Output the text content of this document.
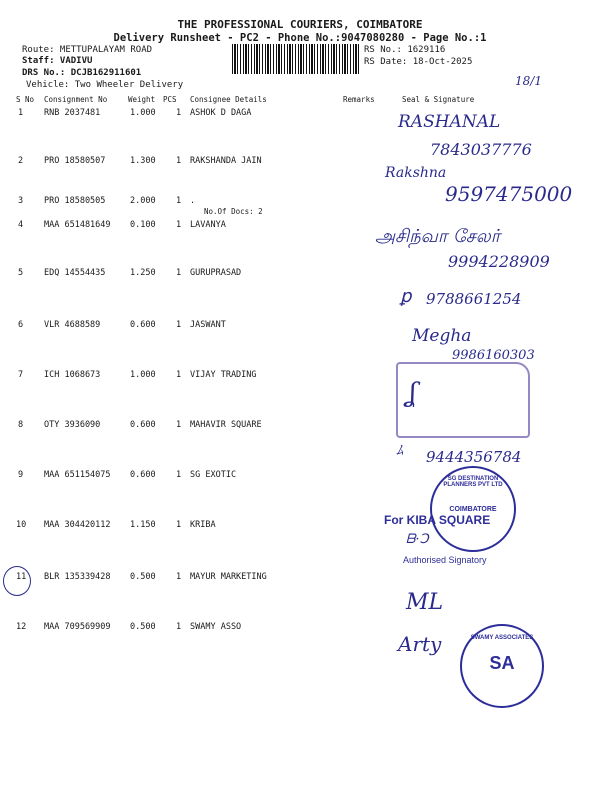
THE PROFESSIONAL COURIERS, COIMBATORE
Delivery Runsheet - PC2 - Phone No.:9047080280 - Page No.:1
Route: METTUPALAYAM ROAD
Staff: VADIVU
DRS No.: DCJB162911601
Vehicle: Two Wheeler Delivery
RS No.: 1629116
RS Date: 18-Oct-2025
18/1
S No Consignment No	Weight PCS Consignee Details	Remarks	Seal & Signature
1 RNB 2037481	1.000 1 ASHOK D DAGA
2 PRO 18580507	1.300 1 RAKSHANDA JAIN
3 PRO 18580505	2.000 1 .
No.Of Docs: 2
4 MAA 651481649 0.100 1 LAVANYA
5 EDQ 14554435	1.250 1 GURUPRASAD
6 VLR 4688589	0.600 1 JASWANT
7 ICH 1068673	1.000 1 VIJAY TRADING
8 OTY 3936090	0.600 1 MAHAVIR SQUARE
9 MAA 651154075 0.600 1 SG EXOTIC
10 MAA 304420112 1.150 1 KRIBA
11 BLR 135339428 0.500 1 MAYUR MARKETING
12 MAA 709569909 0.500 1 SWAMY ASSO
RASHANAL
7843037776
Rakshna
9597475000
அசிந்வா சேலர்
9994228909
ꝑ 9788661254
Megha
9986160303
ʆ
ﾑ 9444356784
SG DESTINATION PLANNERS PVT LTD
COIMBATORE
For KIBA SQUARE
ᗷ·ꓛ
Authorised Signatory
ML
Arty	SWAMY ASSOCIATES
SA
